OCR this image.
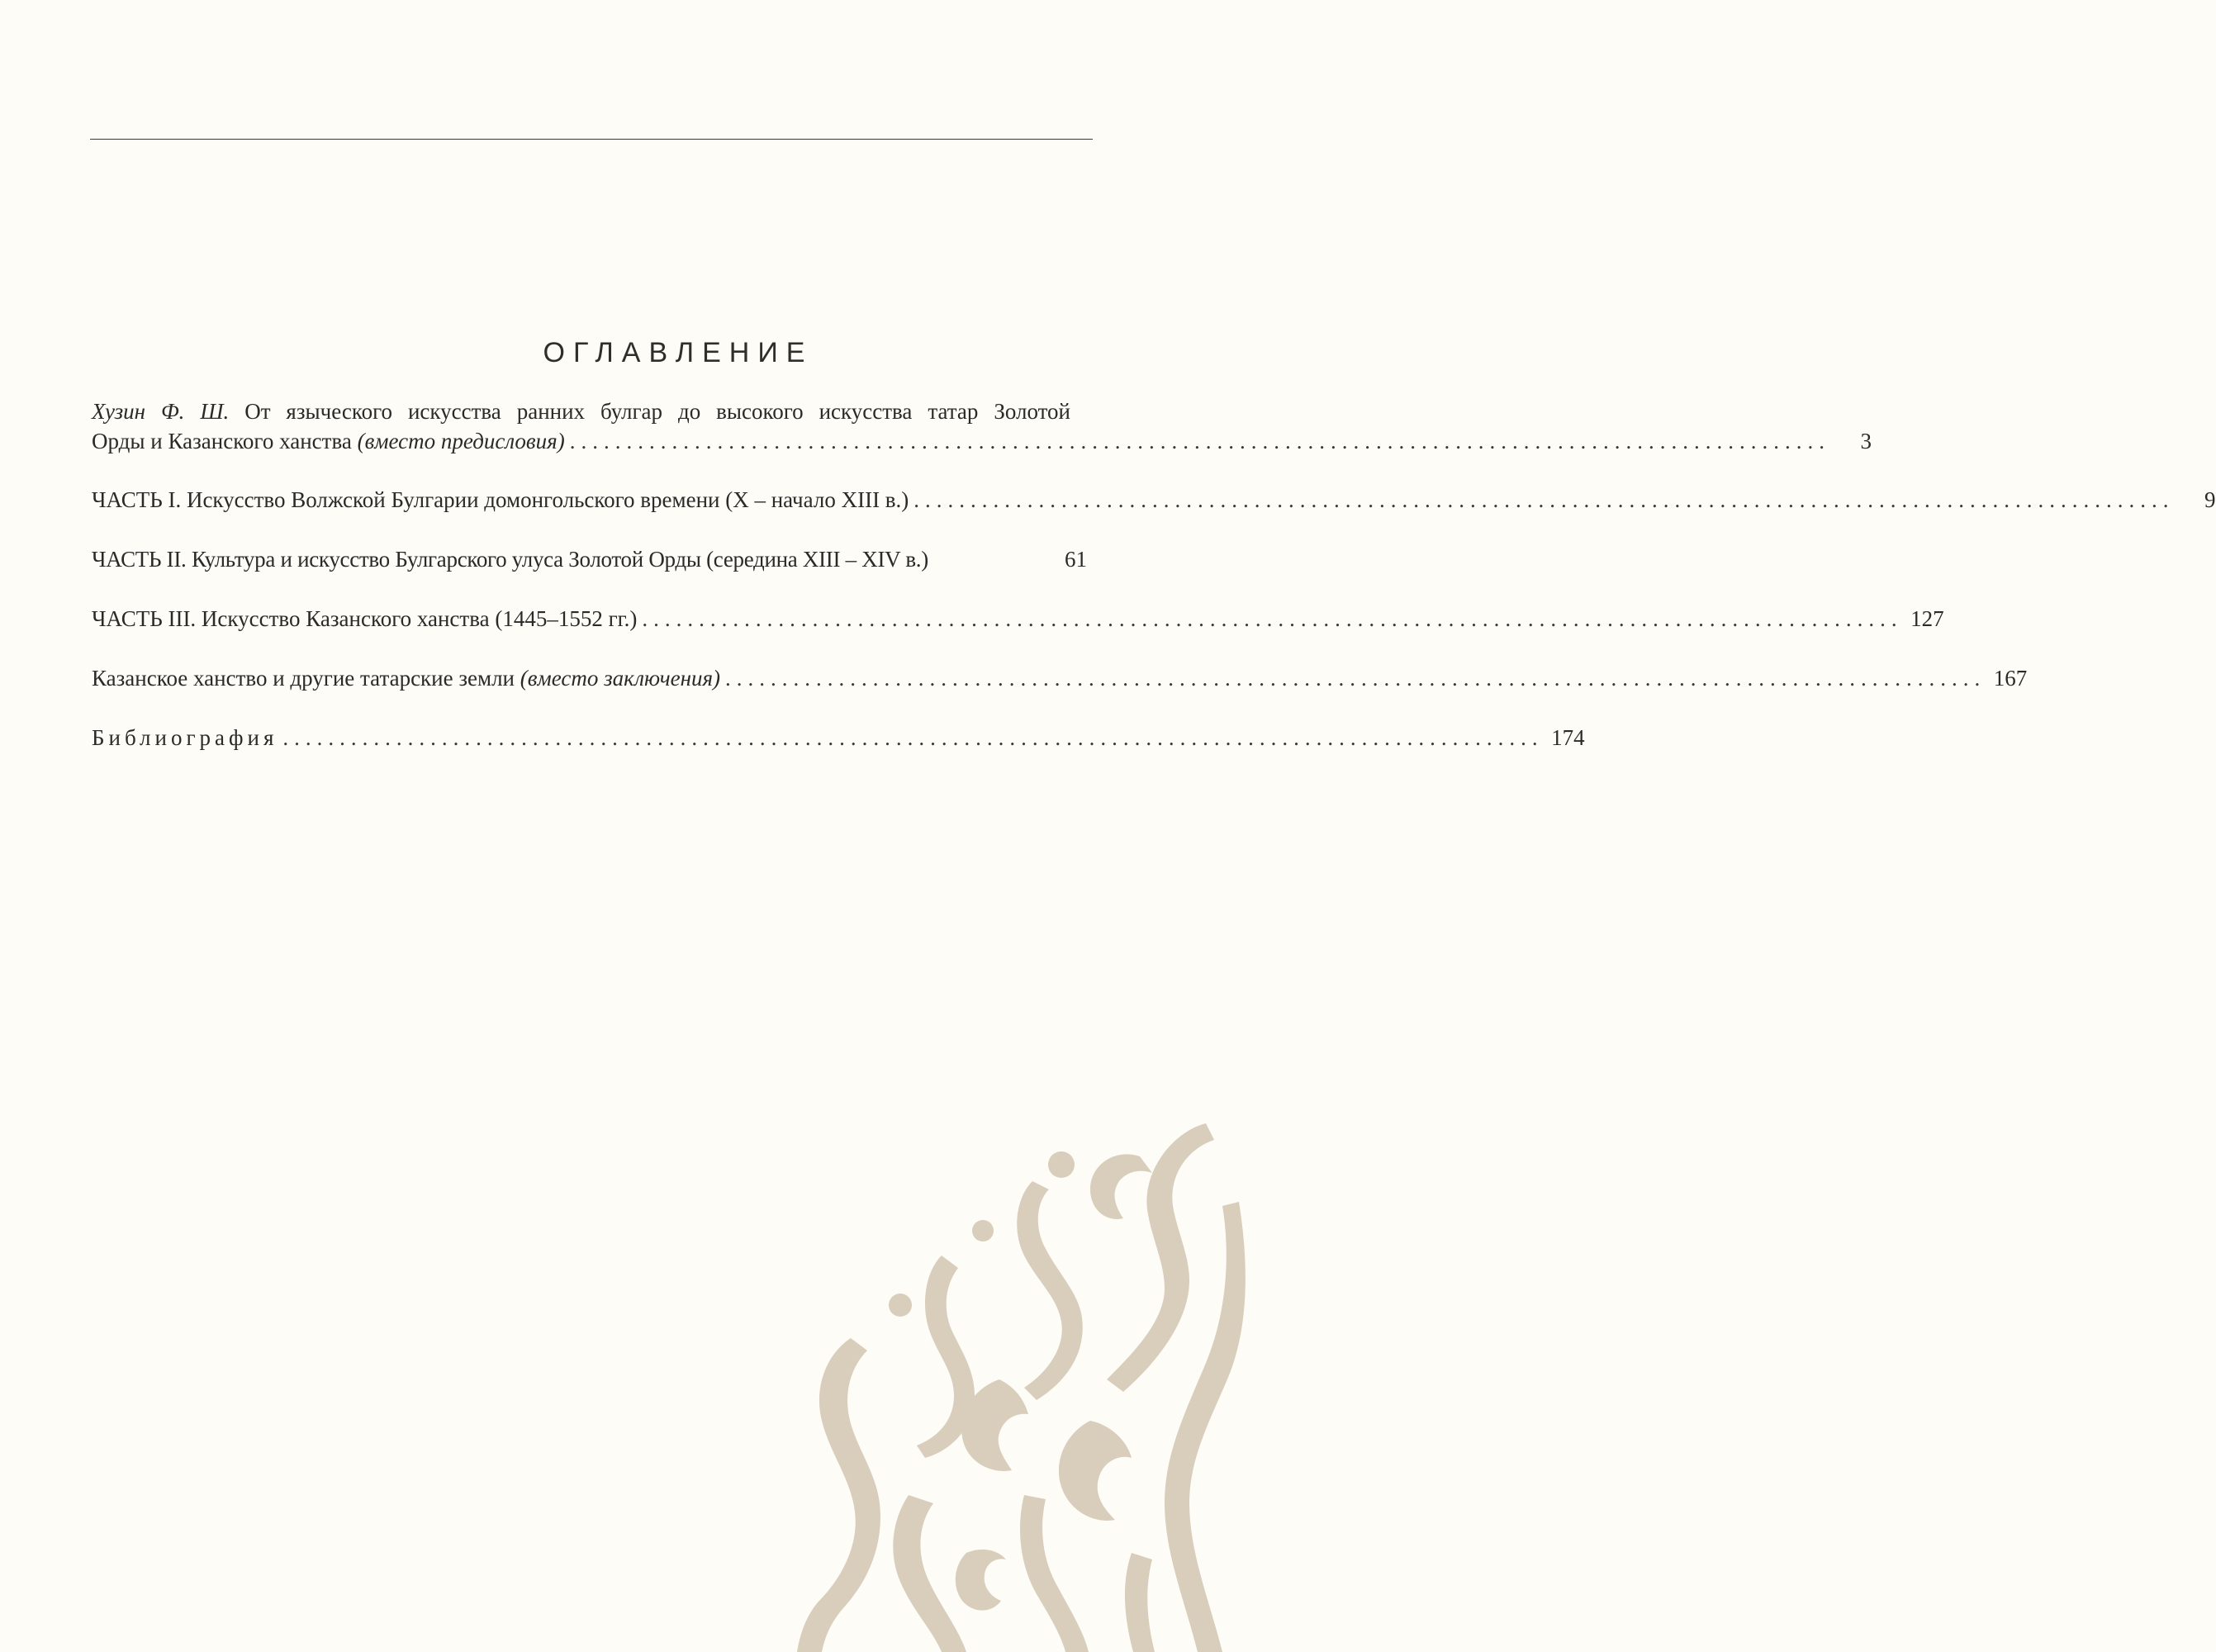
ОГЛАВЛЕНИЕ
Хузин Ф. Ш. От языческого искусства ранних булгар до высокого искусства татар Золотой
Орды и Казанского ханства (вместо предисловия) ...............................................................................................................	3
ЧАСТЬ I. Искусство Волжской Булгарии домонгольского времени (X – начало XIII в.) ...............................................................................................................	9
ЧАСТЬ II. Культура и искусство Булгарского улуса Золотой Орды (середина XIII – XIV в.)	61
ЧАСТЬ III. Искусство Казанского ханства (1445–1552 гг.) ............................................................................................................... 127
Казанское ханство и другие татарские земли (вместо заключения) ............................................................................................................... 167
Библиография ............................................................................................................... 174
